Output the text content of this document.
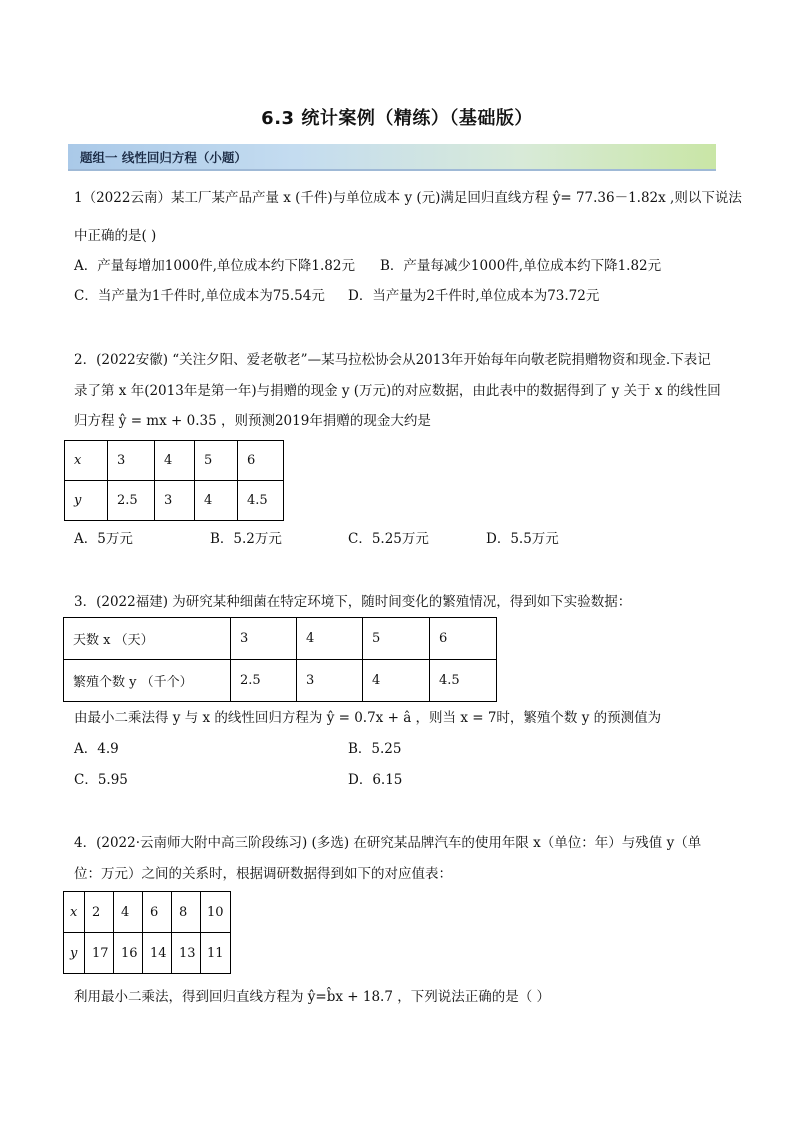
6.3 统计案例（精练）（基础版）
题组一 线性回归方程（小题）
1（2022云南）某工厂某产品产量 x (千件)与单位成本 y (元)满足回归直线方程 ŷ= 77.36－1.82x ,则以下说法
中正确的是( )
A．产量每增加1000件,单位成本约下降1.82元 B．产量每减少1000件,单位成本约下降1.82元
C．当产量为1千件时,单位成本为75.54元 D．当产量为2千件时,单位成本为73.72元
2．(2022安徽) “关注夕阳、爱老敬老”—某马拉松协会从2013年开始每年向敬老院捐赠物资和现金.下表记
录了第 x 年(2013年是第一年)与捐赠的现金 y (万元)的对应数据，由此表中的数据得到了 y 关于 x 的线性回
归方程 ŷ = mx + 0.35 ，则预测2019年捐赠的现金大约是
x	3	4	5	6
y	2.5	3	4	4.5
A．5万元	B．5.2万元	C．5.25万元	D．5.5万元
3．(2022福建) 为研究某种细菌在特定环境下，随时间变化的繁殖情况，得到如下实验数据：
天数 x （天）	3	4	5	6
繁殖个数 y （千个）	2.5	3	4	4.5
由最小二乘法得 y 与 x 的线性回归方程为 ŷ = 0.7x + â ，则当 x = 7时，繁殖个数 y 的预测值为
A．4.9	B．5.25
C．5.95	D．6.15
4．(2022·云南师大附中高三阶段练习) (多选) 在研究某品牌汽车的使用年限 x（单位：年）与残值 y（单
位：万元）之间的关系时，根据调研数据得到如下的对应值表：
x	2	4	6	8	10
y	17	16	14	13	11
利用最小二乘法，得到回归直线方程为 ŷ=b̂x + 18.7 ，下列说法正确的是（ ）
